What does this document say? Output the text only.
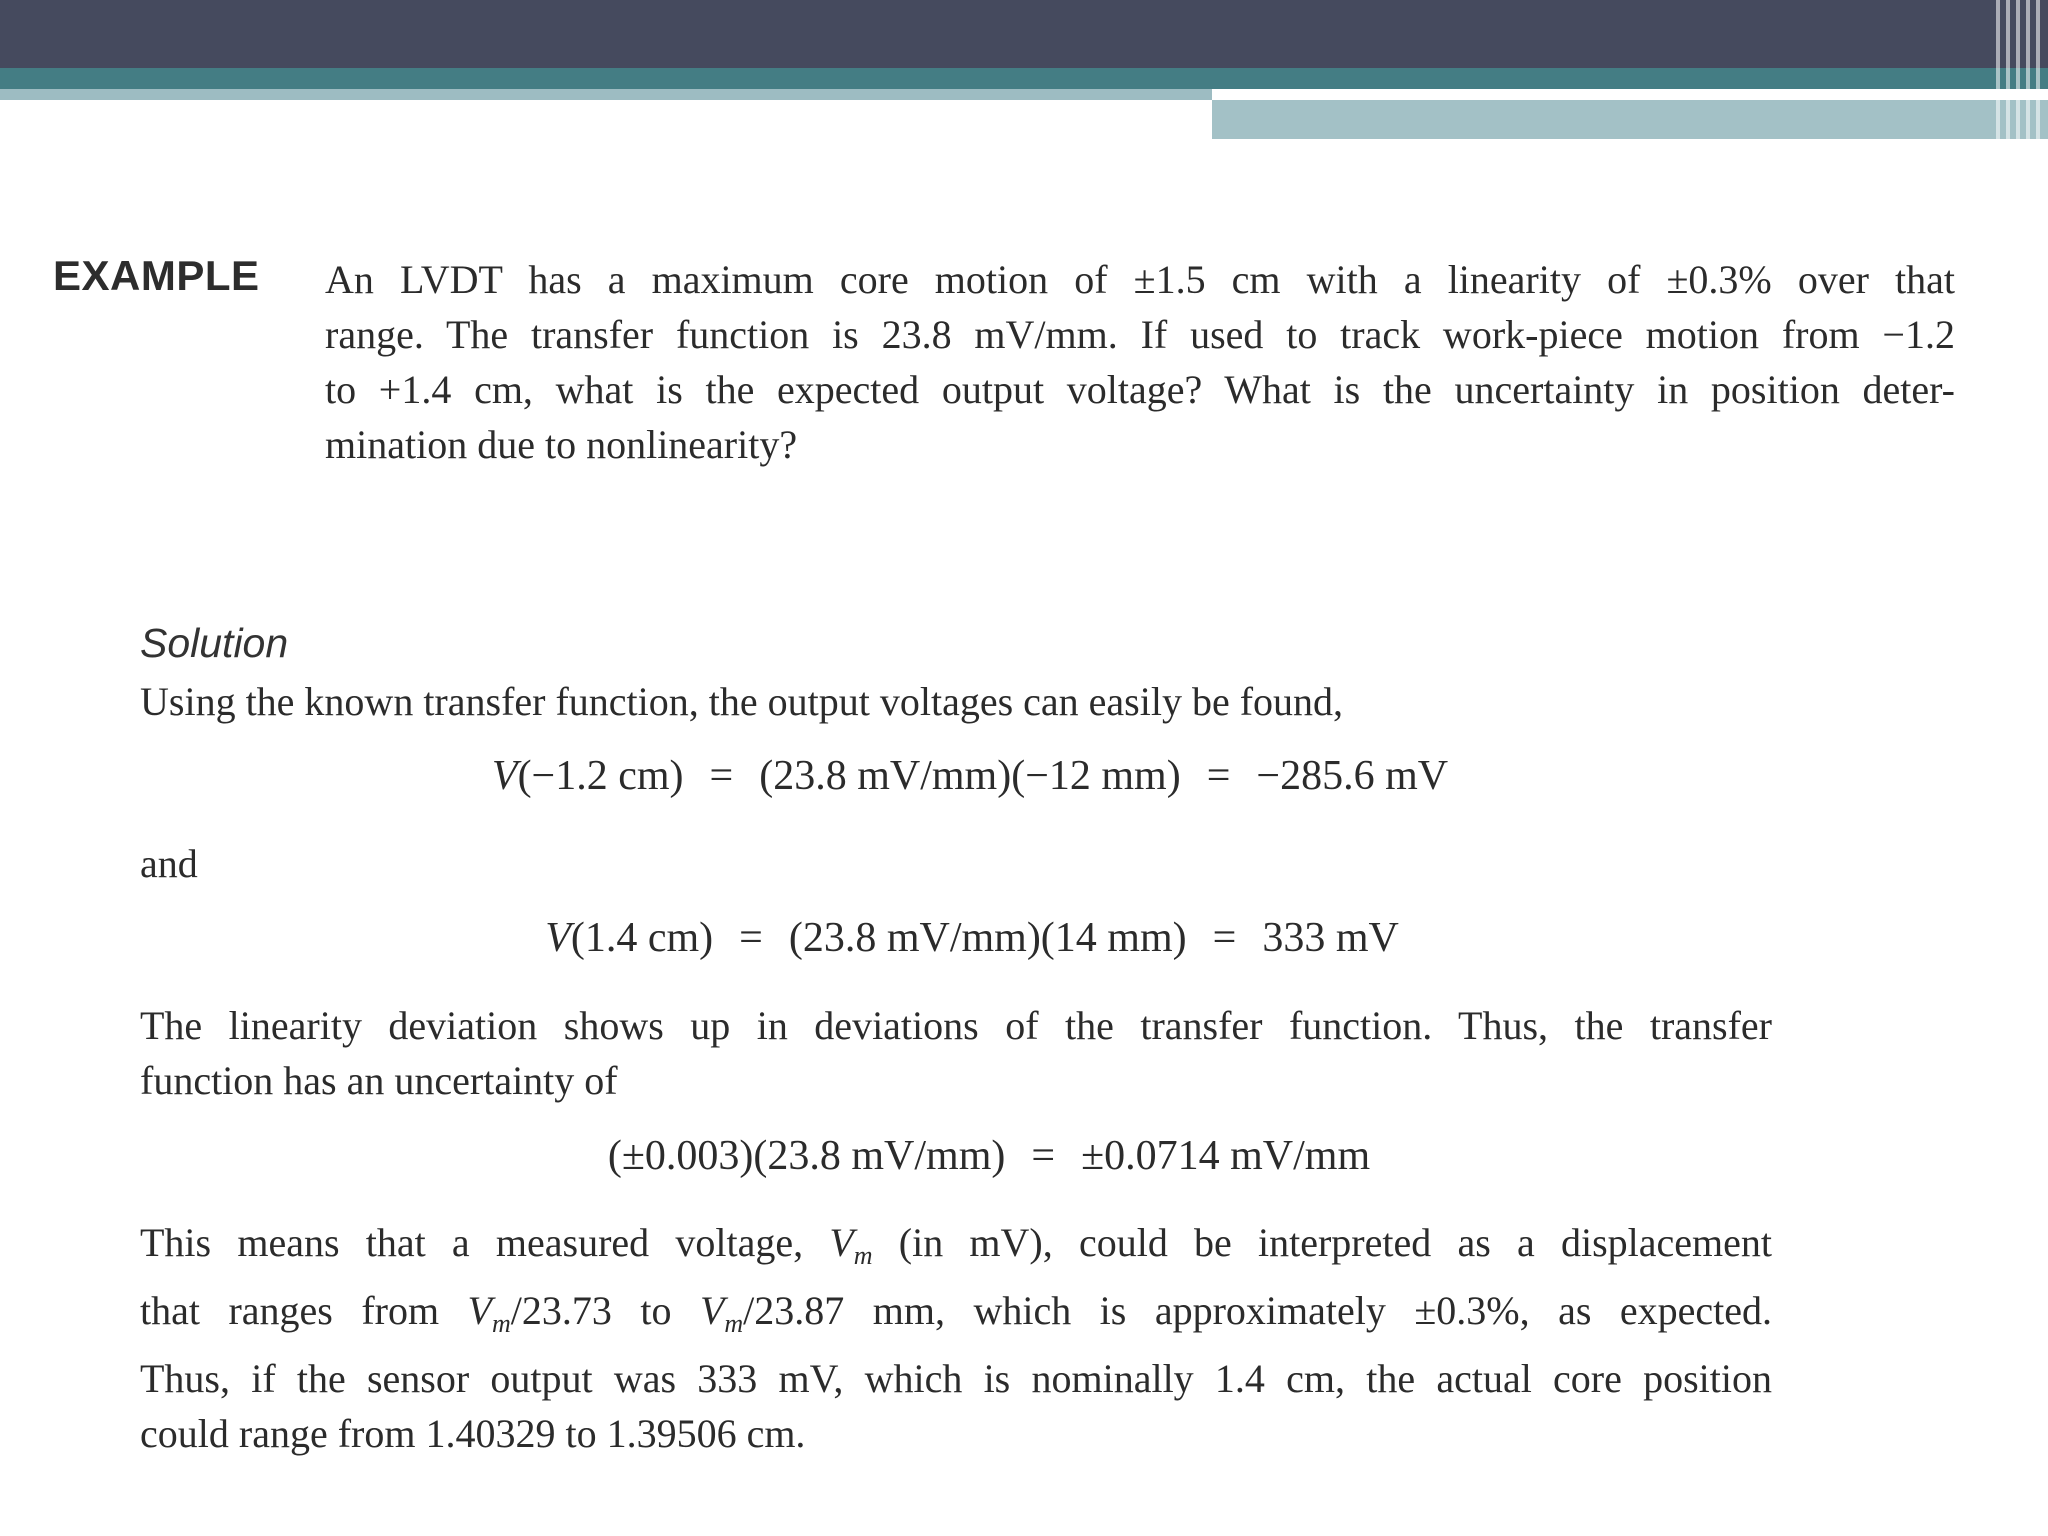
EXAMPLE An LVDT has a maximum core motion of ±1.5 cm with a linearity of ±0.3% over that
range. The transfer function is 23.8 mV/mm. If used to track work-piece motion from −1.2
to +1.4 cm, what is the expected output voltage? What is the uncertainty in position deter-
mination due to nonlinearity?

Solution

Using the known transfer function, the output voltages can easily be found,

V(−1.2 cm) = (23.8 mV/mm)(−12 mm) = −285.6 mV

and

V(1.4 cm) = (23.8 mV/mm)(14 mm) = 333 mV

The linearity deviation shows up in deviations of the transfer function. Thus, the transfer
function has an uncertainty of

(±0.003)(23.8 mV/mm) = ±0.0714 mV/mm

This means that a measured voltage, $V_m$ (in mV), could be interpreted as a displacement
that ranges from $V_m/23.73$ to $V_m/23.87$ mm, which is approximately ±0.3%, as expected.
Thus, if the sensor output was 333 mV, which is nominally 1.4 cm, the actual core position
could range from 1.40329 to 1.39506 cm.
